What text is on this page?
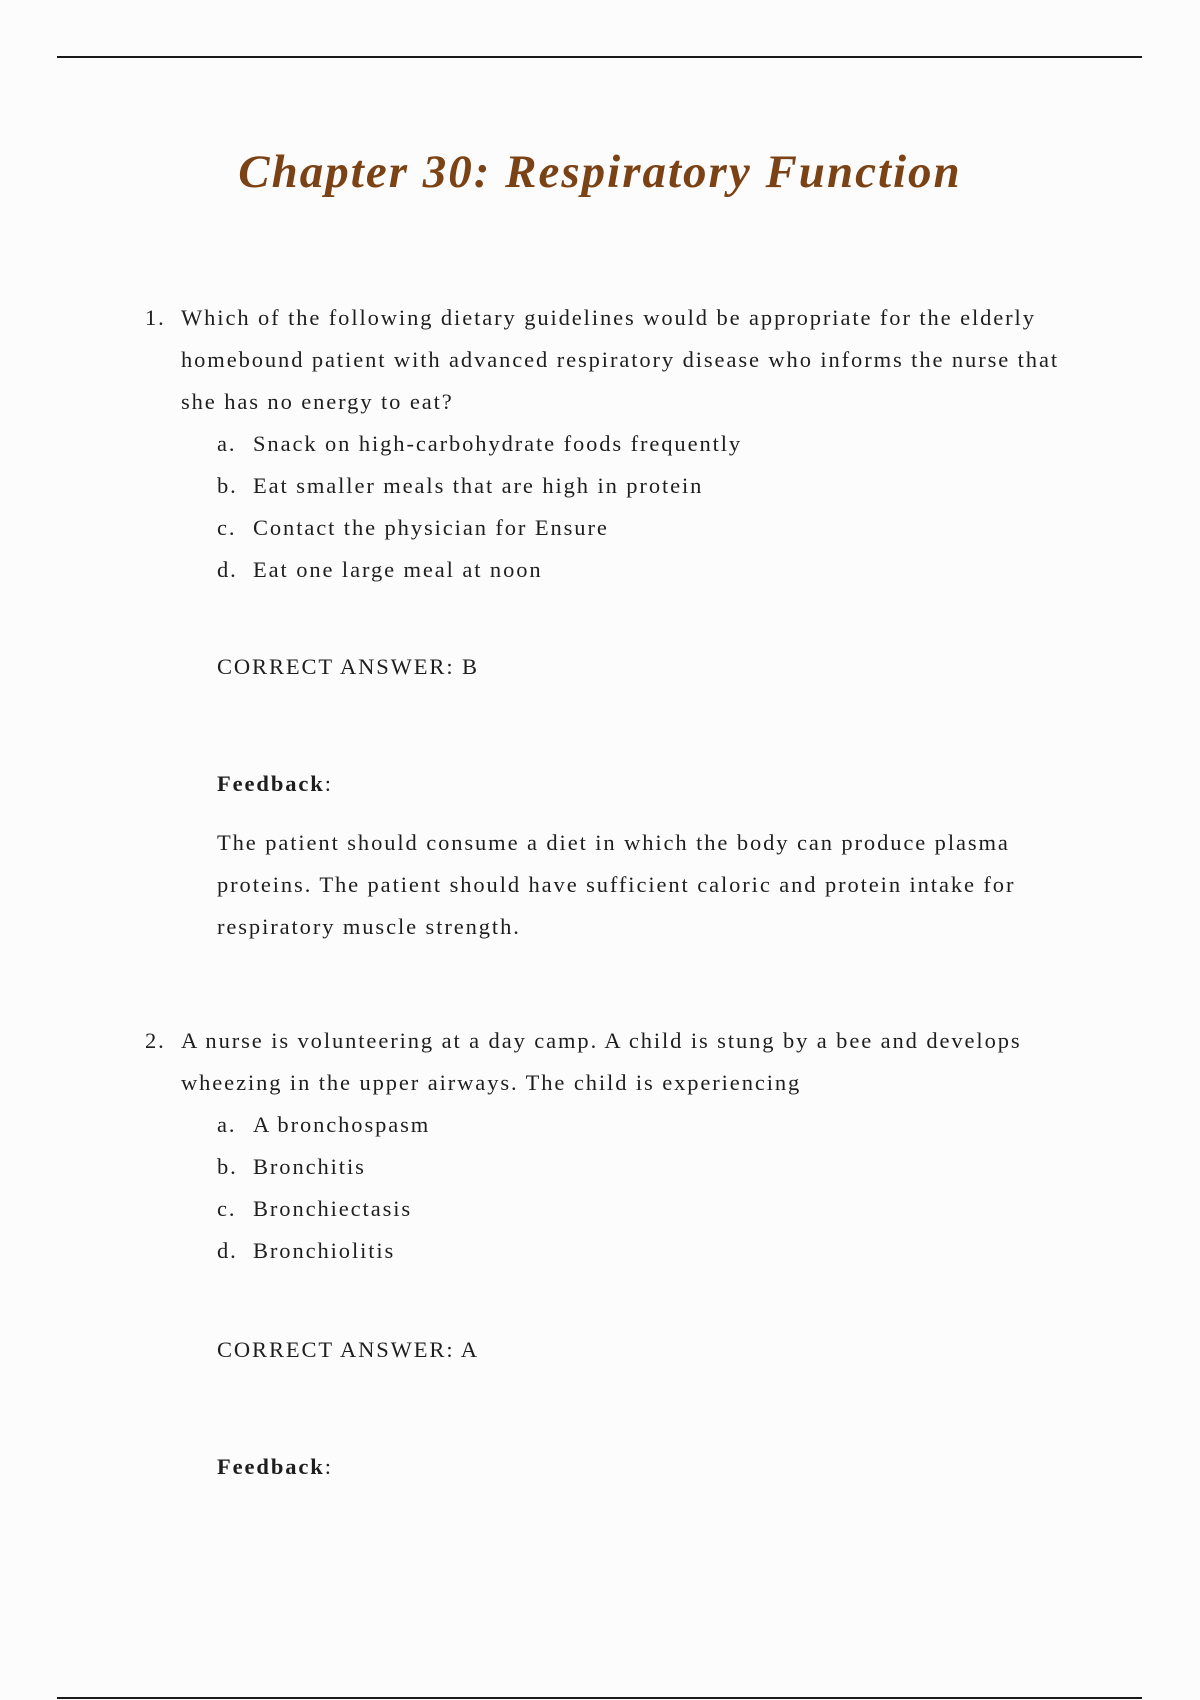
Chapter 30: Respiratory Function
1. Which of the following dietary guidelines would be appropriate for the elderly homebound patient with advanced respiratory disease who informs the nurse that she has no energy to eat?

a. Snack on high-carbohydrate foods frequently
b. Eat smaller meals that are high in protein
c. Contact the physician for Ensure
d. Eat one large meal at noon
CORRECT ANSWER: B
Feedback:

The patient should consume a diet in which the body can produce plasma proteins. The patient should have sufficient caloric and protein intake for respiratory muscle strength.

2. A nurse is volunteering at a day camp. A child is stung by a bee and develops wheezing in the upper airways. The child is experiencing

a. A bronchospasm
b. Bronchitis
c. Bronchiectasis
d. Bronchiolitis
CORRECT ANSWER: A
Feedback:
